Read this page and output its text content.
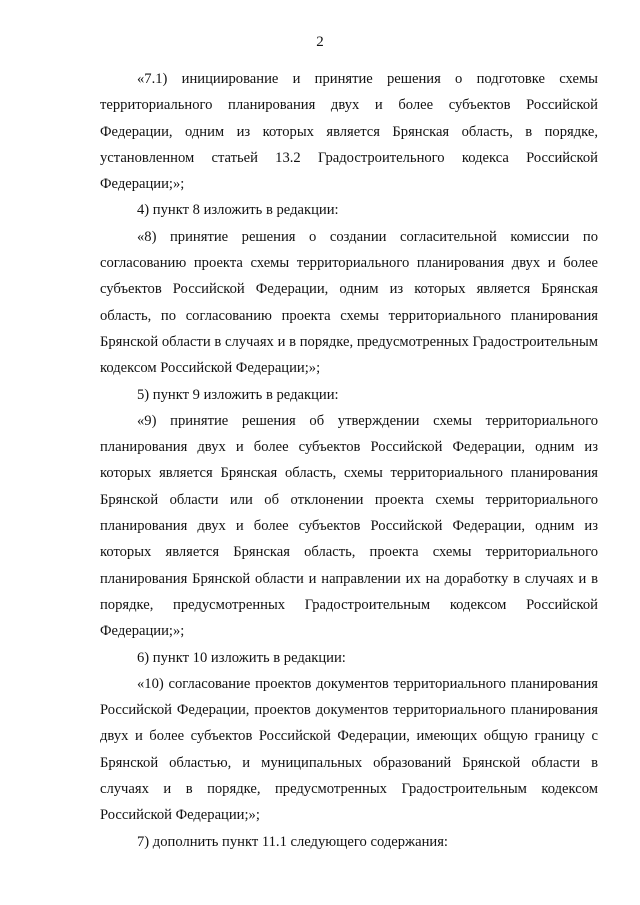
2

«7.1) инициирование и принятие решения о подготовке схемы территориального планирования двух и более субъектов Российской Федерации, одним из которых является Брянская область, в порядке, установленном статьей 13.2 Градостроительного кодекса Российской Федерации;»;

4) пункт 8 изложить в редакции:

«8) принятие решения о создании согласительной комиссии по согласованию проекта схемы территориального планирования двух и более субъектов Российской Федерации, одним из которых является Брянская область, по согласованию проекта схемы территориального планирования Брянской области в случаях и в порядке, предусмотренных Градостроительным кодексом Российской Федерации;»;

5) пункт 9 изложить в редакции:

«9) принятие решения об утверждении схемы территориального планирования двух и более субъектов Российской Федерации, одним из которых является Брянская область, схемы территориального планирования Брянской области или об отклонении проекта схемы территориального планирования двух и более субъектов Российской Федерации, одним из которых является Брянская область, проекта схемы территориального планирования Брянской области и направлении их на доработку в случаях и в порядке, предусмотренных Градостроительным кодексом Российской Федерации;»;

6) пункт 10 изложить в редакции:

«10) согласование проектов документов территориального планирования Российской Федерации, проектов документов территориального планирования двух и более субъектов Российской Федерации, имеющих общую границу с Брянской областью, и муниципальных образований Брянской области в случаях и в порядке, предусмотренных Градостроительным кодексом Российской Федерации;»;

7) дополнить пункт 11.1 следующего содержания:
